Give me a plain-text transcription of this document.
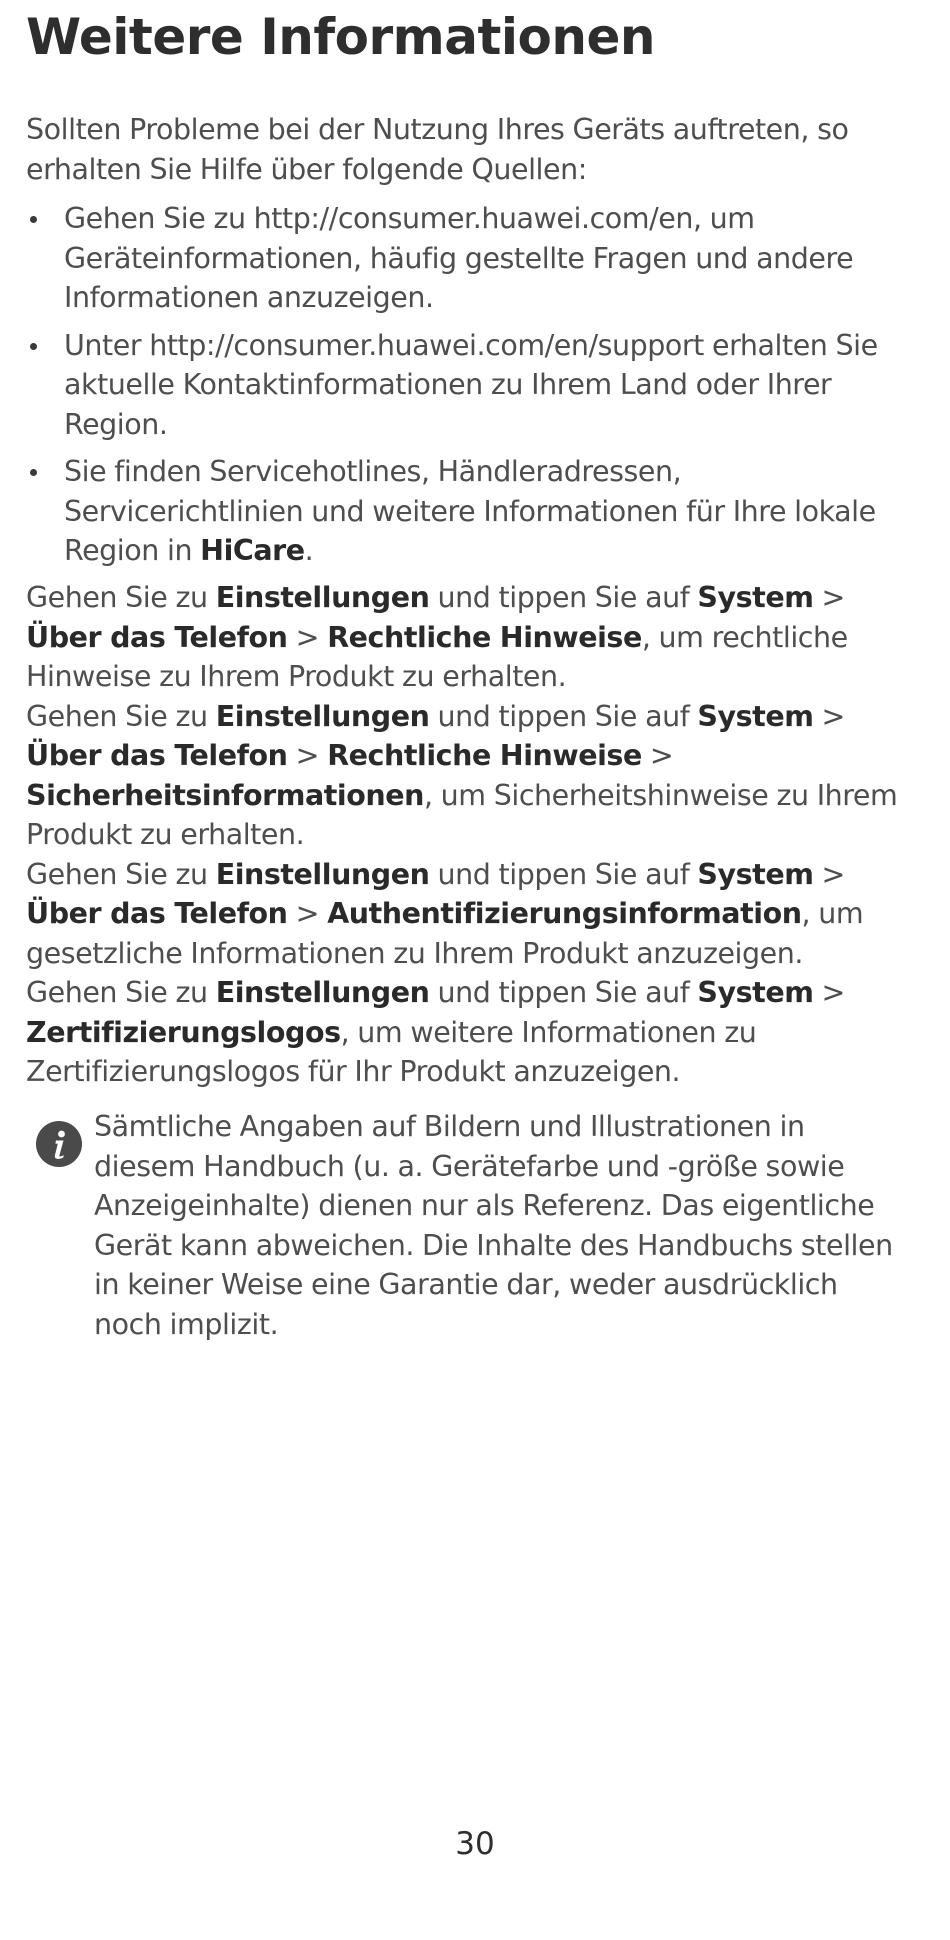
Weitere Informationen
Sollten Probleme bei der Nutzung Ihres Geräts auftreten, so erhalten Sie Hilfe über folgende Quellen:
Gehen Sie zu http://consumer.huawei.com/en, um Geräteinformationen, häufig gestellte Fragen und andere Informationen anzuzeigen.
Unter http://consumer.huawei.com/en/support erhalten Sie aktuelle Kontaktinformationen zu Ihrem Land oder Ihrer Region.
Sie finden Servicehotlines, Händleradressen, Servicerichtlinien und weitere Informationen für Ihre lokale Region in HiCare.

Gehen Sie zu Einstellungen und tippen Sie auf System > Über das Telefon > Rechtliche Hinweise, um rechtliche Hinweise zu Ihrem Produkt zu erhalten.

Gehen Sie zu Einstellungen und tippen Sie auf System > Über das Telefon > Rechtliche Hinweise > Sicherheitsinformationen, um Sicherheitshinweise zu Ihrem Produkt zu erhalten.

Gehen Sie zu Einstellungen und tippen Sie auf System > Über das Telefon > Authentifizierungsinformation, um gesetzliche Informationen zu Ihrem Produkt anzuzeigen.

Gehen Sie zu Einstellungen und tippen Sie auf System > Zertifizierungslogos, um weitere Informationen zu Zertifizierungslogos für Ihr Produkt anzuzeigen.

Sämtliche Angaben auf Bildern und Illustrationen in diesem Handbuch (u. a. Gerätefarbe und -größe sowie Anzeigeinhalte) dienen nur als Referenz. Das eigentliche Gerät kann abweichen. Die Inhalte des Handbuchs stellen in keiner Weise eine Garantie dar, weder ausdrücklich noch implizit.
30
